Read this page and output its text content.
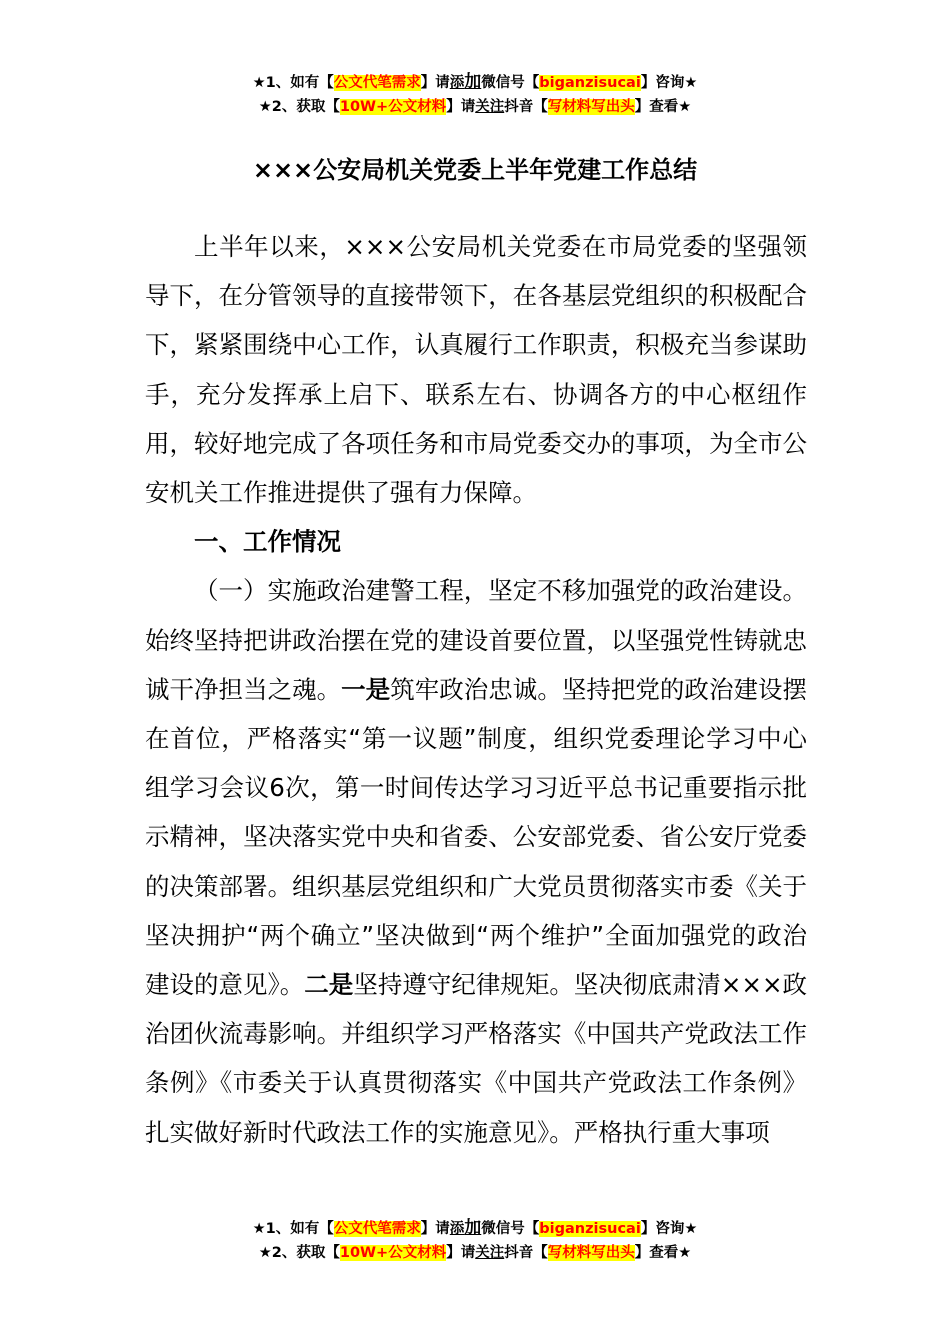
★1、如有【公文代笔需求】请添加微信号【biganzisucai】咨询★
★2、获取【10W+公文材料】请关注抖音【写材料写出头】查看★
×××公安局机关党委上半年党建工作总结

上半年以来，×××公安局机关党委在市局党委的坚强领导下，在分管领导的直接带领下，在各基层党组织的积极配合下，紧紧围绕中心工作，认真履行工作职责，积极充当参谋助手，充分发挥承上启下、联系左右、协调各方的中心枢纽作用，较好地完成了各项任务和市局党委交办的事项，为全市公安机关工作推进提供了强有力保障。

一、工作情况

（一）实施政治建警工程，坚定不移加强党的政治建设。始终坚持把讲政治摆在党的建设首要位置，以坚强党性铸就忠诚干净担当之魂。一是筑牢政治忠诚。坚持把党的政治建设摆在首位，严格落实“第一议题”制度，组织党委理论学习中心组学习会议6次，第一时间传达学习习近平总书记重要指示批示精神，坚决落实党中央和省委、公安部党委、省公安厅党委的决策部署。组织基层党组织和广大党员贯彻落实市委《关于坚决拥护“两个确立”坚决做到“两个维护”全面加强党的政治建设的意见》。二是坚持遵守纪律规矩。坚决彻底肃清×××政治团伙流毒影响。并组织学习严格落实《中国共产党政法工作条例》《市委关于认真贯彻落实《中国共产党政法工作条例》扎实做好新时代政法工作的实施意见》。严格执行重大事项

★1、如有【公文代笔需求】请添加微信号【biganzisucai】咨询★
★2、获取【10W+公文材料】请关注抖音【写材料写出头】查看★
